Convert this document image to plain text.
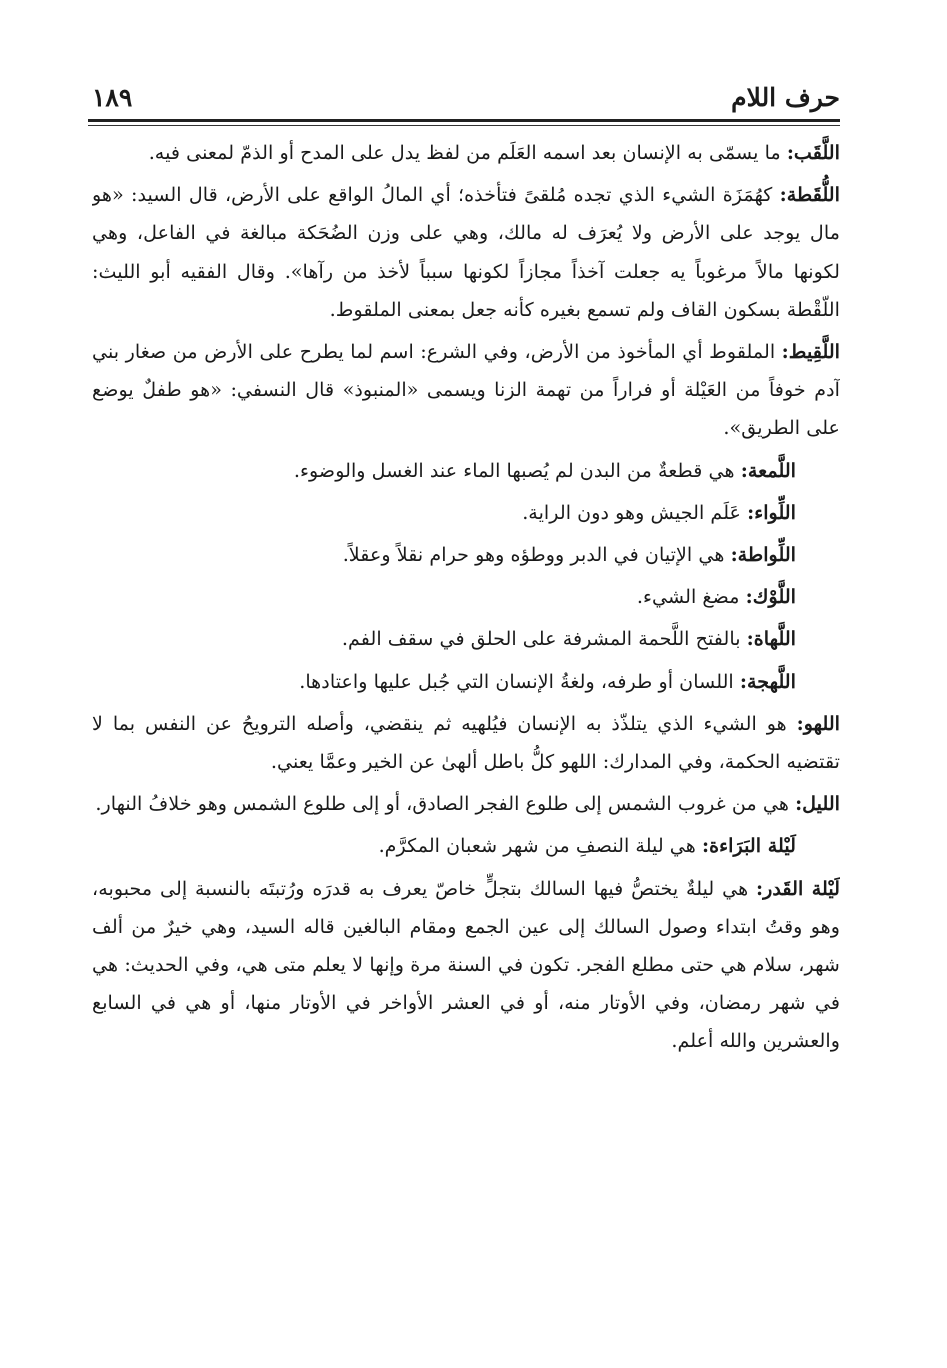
حرف اللام
١٨٩

اللَّقَب: ما يسمّى به الإنسان بعد اسمه العَلَم من لفظ يدل على المدح أو الذمّ لمعنى فيه.

اللُّقَطة: كهُمَزَة الشيء الذي تجده مُلقىً فتأخذه؛ أي المالُ الواقع على الأرض، قال السيد: «هو مال يوجد على الأرض ولا يُعرَف له مالك، وهي على وزن الضُحَكة مبالغة في الفاعل، وهي لكونها مالاً مرغوباً يه جعلت آخذاً مجازاً لكونها سبباً لأخذ من رآها». وقال الفقيه أبو الليث: اللّقْطة بسكون القاف ولم تسمع بغيره كأنه جعل بمعنى الملقوط.

اللَّقِيط: الملقوط أي المأخوذ من الأرض، وفي الشرع: اسم لما يطرح على الأرض من صغار بني آدم خوفاً من العَيْلة أو فراراً من تهمة الزنا ويسمى «المنبوذ» قال النسفي: «هو طفلٌ يوضع على الطريق».

اللَّمعة: هي قطعةٌ من البدن لم يُصبها الماء عند الغسل والوضوء.

اللِّواء: عَلَم الجيش وهو دون الراية.

اللِّواطة: هي الإتيان في الدبر ووطؤه وهو حرام نقلاً وعقلاً.

اللَّوْك: مضغ الشيء.

اللَّهاة: بالفتح اللَّحمة المشرفة على الحلق في سقف الفم.

اللَّهجة: اللسان أو طرفه، ولغةُ الإنسان التي جُبل عليها واعتادها.

اللهو: هو الشيء الذي يتلذّذ به الإنسان فيُلهيه ثم ينقضي، وأصله الترويحُ عن النفس بما لا تقتضيه الحكمة، وفي المدارك: اللهو كلُّ باطل ألهىٰ عن الخير وعمَّا يعني.

الليل: هي من غروب الشمس إلى طلوع الفجر الصادق، أو إلى طلوع الشمس وهو خلافُ النهار.

لَيْلة البَرَاءة: هي ليلة النصفِ من شهر شعبان المكرَّم.

لَيْلة القَدر: هي ليلةٌ يختصُّ فيها السالك بتجلٍّ خاصّ يعرف به قدرَه ورُتبتَه بالنسبة إلى محبوبه، وهو وقتُ ابتداء وصول السالك إلى عين الجمع ومقام البالغين قاله السيد، وهي خيرٌ من ألف شهر، سلام هي حتى مطلع الفجر. تكون في السنة مرة وإنها لا يعلم متى هي، وفي الحديث: هي في شهر رمضان، وفي الأوتار منه، أو في العشر الأواخر في الأوتار منها، أو هي في السابع والعشرين والله أعلم.
